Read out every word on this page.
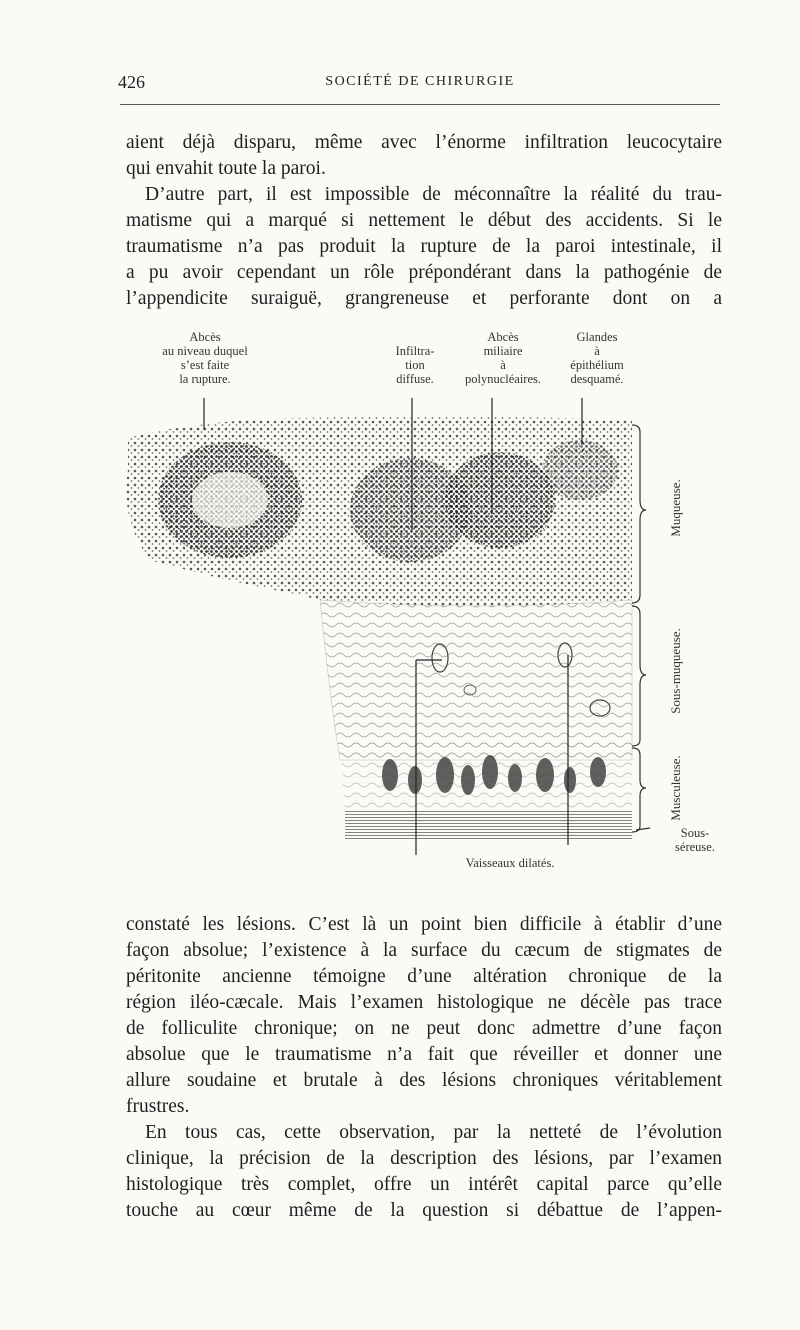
426	SOCIÉTÉ DE CHIRURGIE
aient déjà disparu, même avec l’énorme infiltration leucocytaire
qui envahit toute la paroi.
D’autre part, il est impossible de méconnaître la réalité du trau-
matisme qui a marqué si nettement le début des accidents. Si le
traumatisme n’a pas produit la rupture de la paroi intestinale, il
a pu avoir cependant un rôle prépondérant dans la pathogénie de
l’appendicite suraiguë, grangreneuse et perforante dont on a
Abcès
au niveau duquel
s’est faite
la rupture.
Infiltra-
tion
diffuse.
Abcès
miliaire
à
polynucléaires.
Glandes
à
épithélium
desquamé.
Muqueuse.
Sous-muqueuse.
Musculeuse.
Sous-
séreuse.
Vaisseaux dilatés.
constaté les lésions. C’est là un point bien difficile à établir d’une
façon absolue; l’existence à la surface du cæcum de stigmates de
péritonite ancienne témoigne d’une altération chronique de la
région iléo-cæcale. Mais l’examen histologique ne décèle pas trace
de folliculite chronique; on ne peut donc admettre d’une façon
absolue que le traumatisme n’a fait que réveiller et donner une
allure soudaine et brutale à des lésions chroniques véritablement
frustres.
En tous cas, cette observation, par la netteté de l’évolution
clinique, la précision de la description des lésions, par l’examen
histologique très complet, offre un intérêt capital parce qu’elle
touche au cœur même de la question si débattue de l’appen-
